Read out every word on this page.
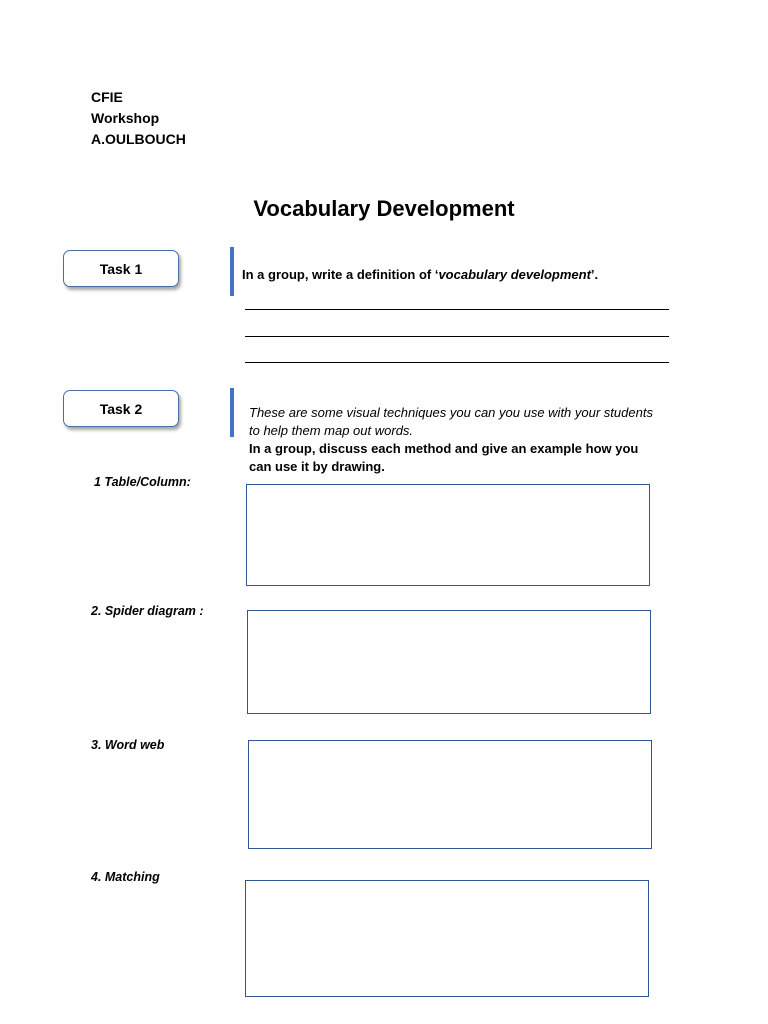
CFIE
Workshop
A.OULBOUCH
Vocabulary Development
Task 1	In a group, write a definition of ‘vocabulary development’.
Task 2	These are some visual techniques you can you use with your students to help them map out words.
In a group, discuss each method and give an example how you can use it by drawing.
1 Table/Column:
2. Spider diagram :
3. Word web
4. Matching
